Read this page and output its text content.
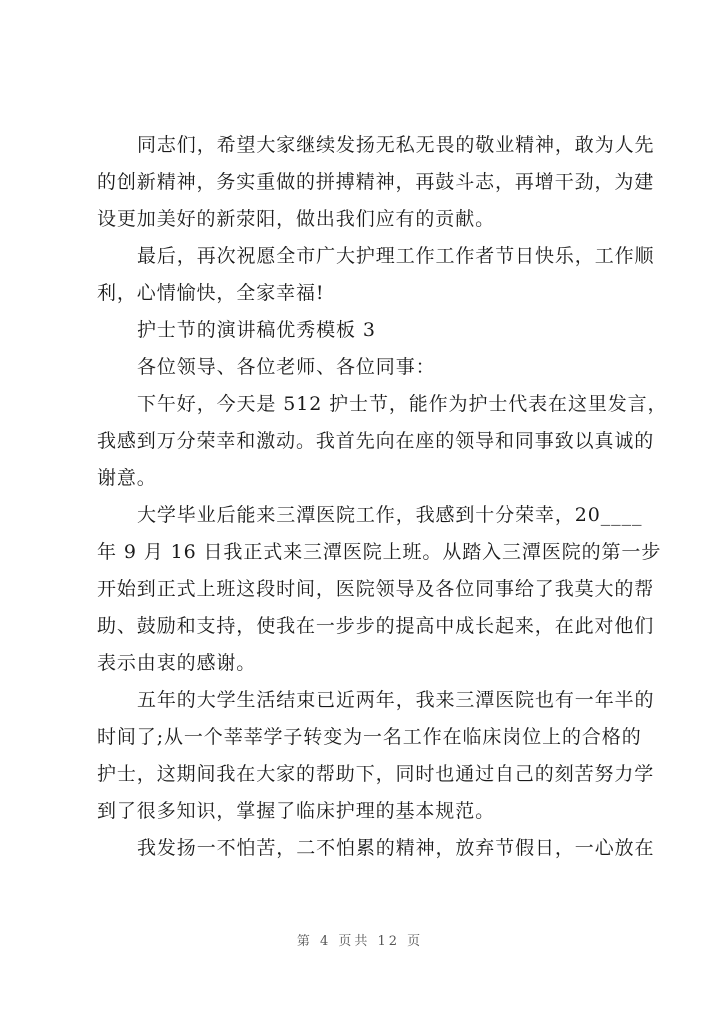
同志们，希望大家继续发扬无私无畏的敬业精神，敢为人先
的创新精神，务实重做的拼搏精神，再鼓斗志，再增干劲，为建
设更加美好的新荥阳，做出我们应有的贡献。
最后，再次祝愿全市广大护理工作工作者节日快乐，工作顺
利，心情愉快，全家幸福!
护士节的演讲稿优秀模板 3
各位领导、各位老师、各位同事：
下午好，今天是 512 护士节，能作为护士代表在这里发言，
我感到万分荣幸和激动。我首先向在座的领导和同事致以真诚的
谢意。
大学毕业后能来三潭医院工作，我感到十分荣幸，20____
年 9 月 16 日我正式来三潭医院上班。从踏入三潭医院的第一步
开始到正式上班这段时间，医院领导及各位同事给了我莫大的帮
助、鼓励和支持，使我在一步步的提高中成长起来，在此对他们
表示由衷的感谢。
五年的大学生活结束已近两年，我来三潭医院也有一年半的
时间了;从一个莘莘学子转变为一名工作在临床岗位上的合格的
护士，这期间我在大家的帮助下，同时也通过自己的刻苦努力学
到了很多知识，掌握了临床护理的基本规范。
我发扬一不怕苦，二不怕累的精神，放弃节假日，一心放在
第 4 页共 12 页
